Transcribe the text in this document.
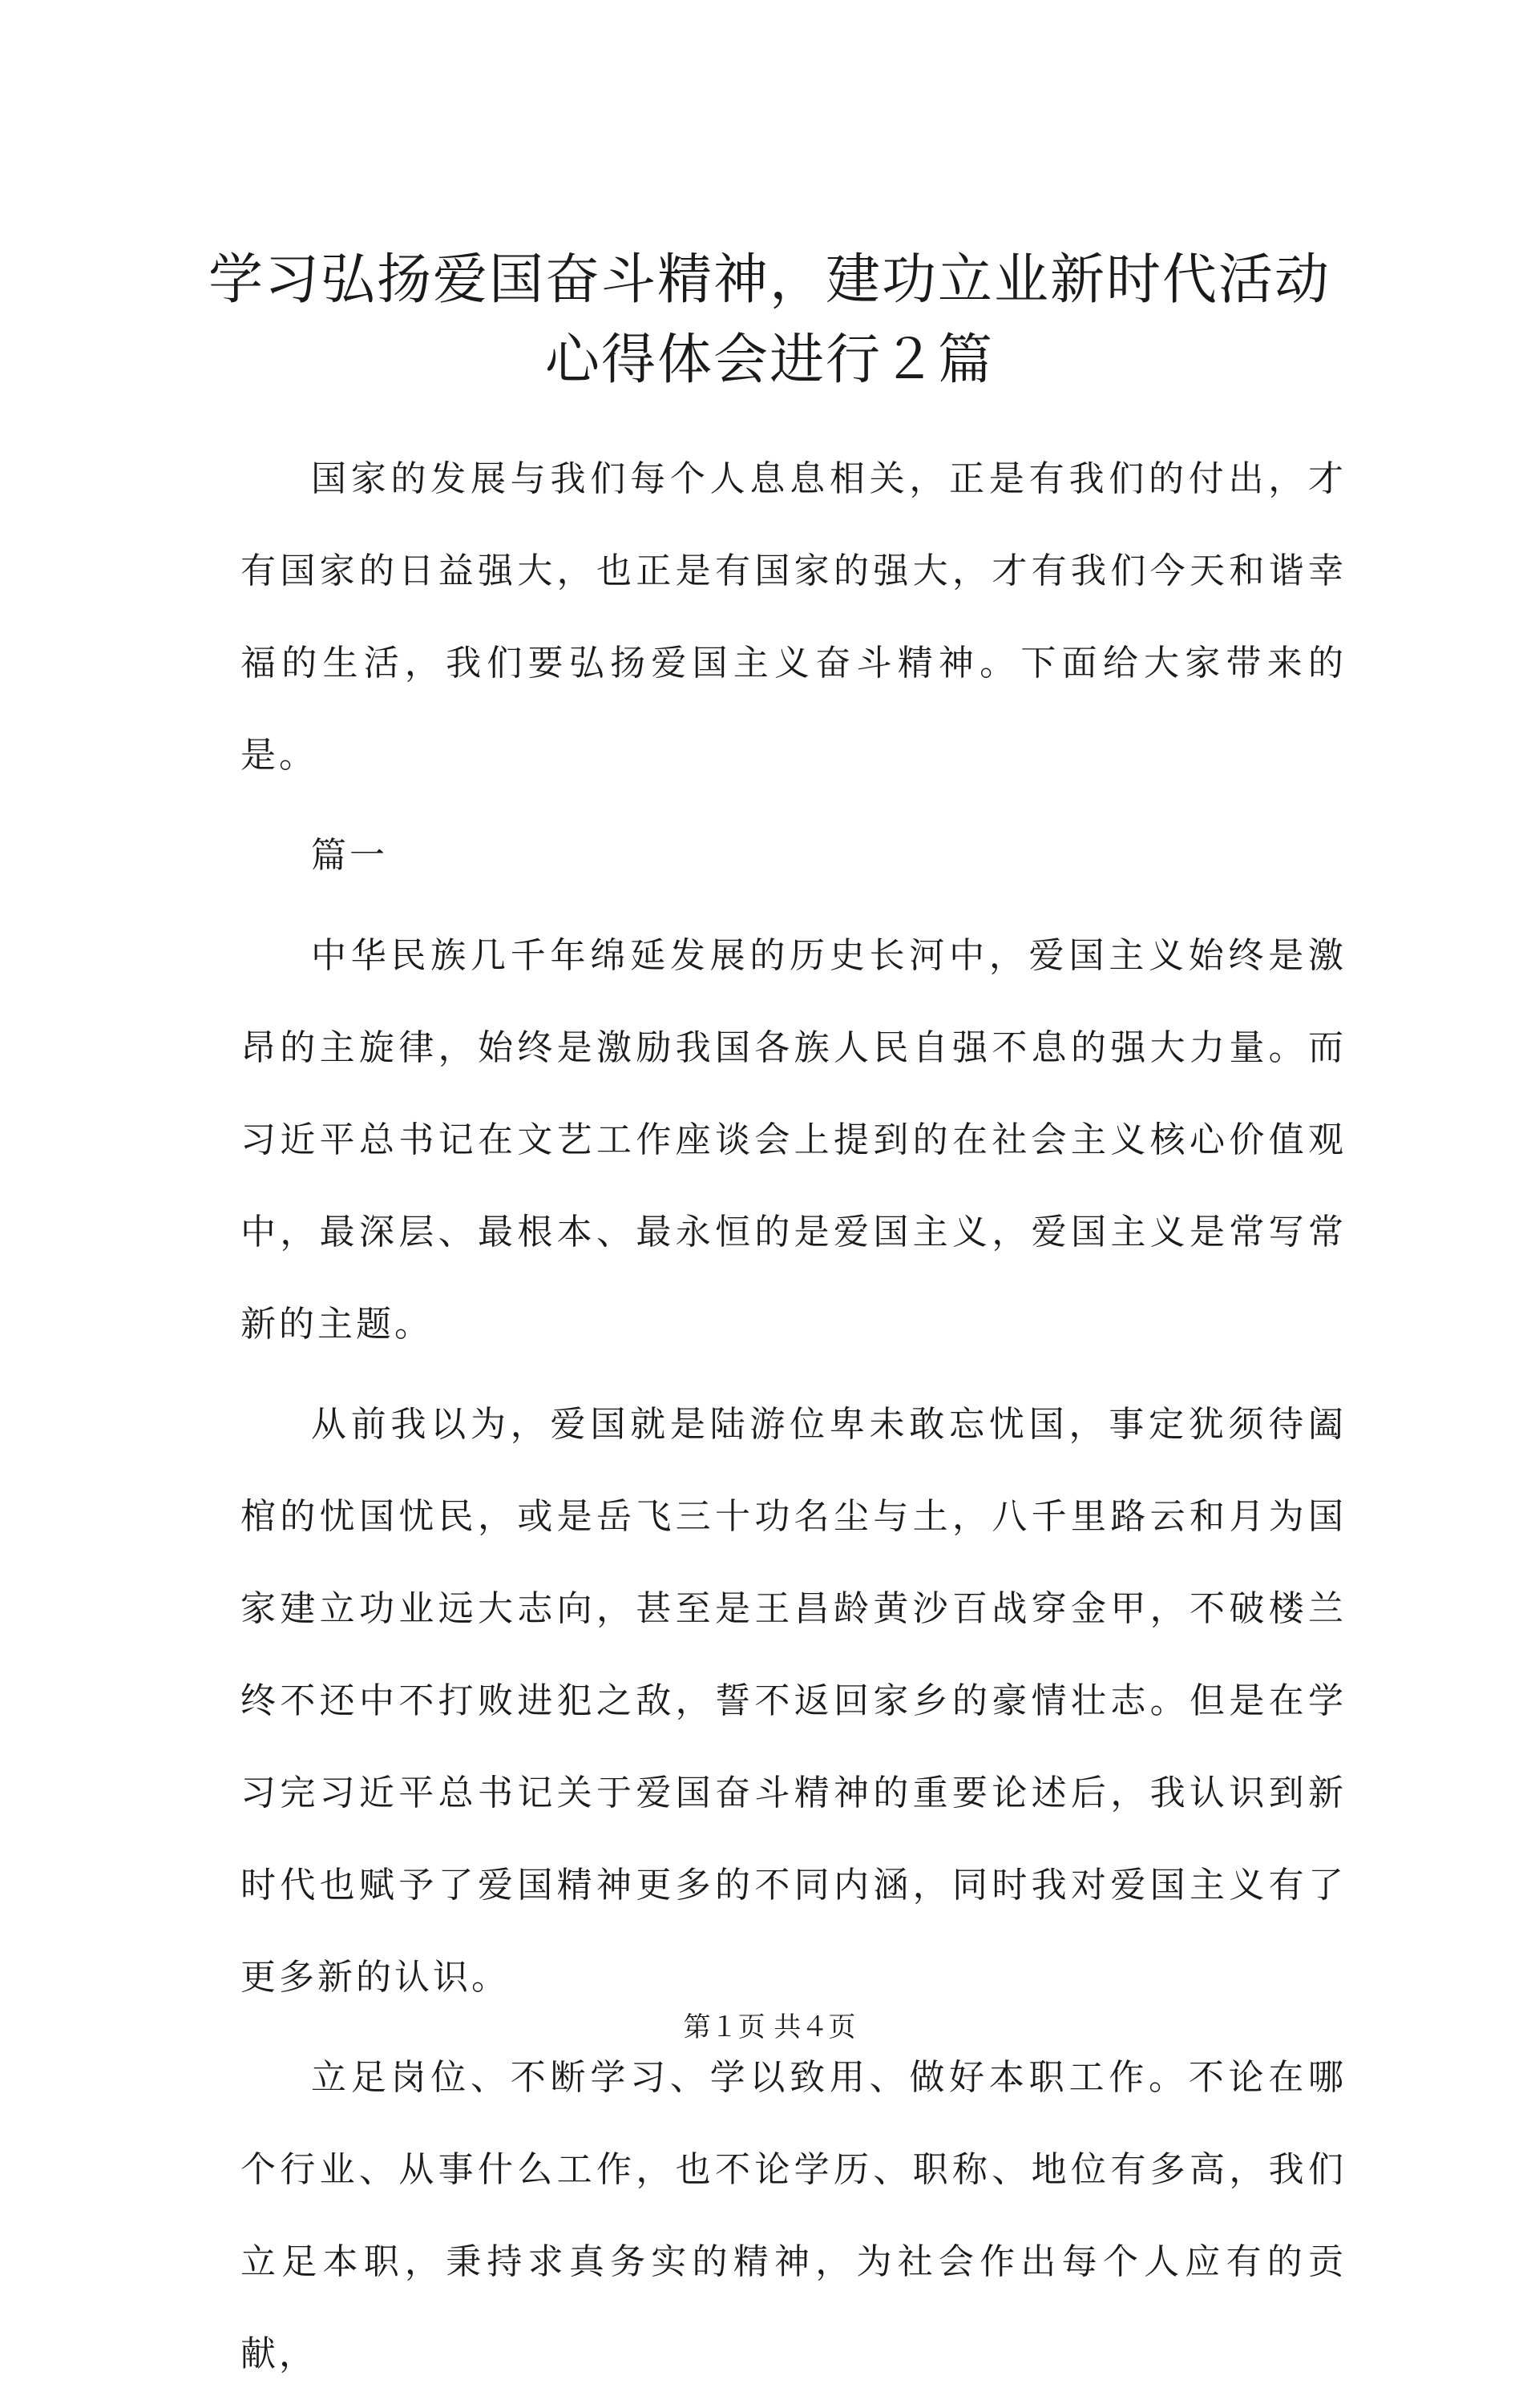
学习弘扬爱国奋斗精神，建功立业新时代活动心得体会进行２篇

国家的发展与我们每个人息息相关，正是有我们的付出，才有国家的日益强大，也正是有国家的强大，才有我们今天和谐幸福的生活，我们要弘扬爱国主义奋斗精神。下面给大家带来的是。

篇一

中华民族几千年绵延发展的历史长河中，爱国主义始终是激昂的主旋律，始终是激励我国各族人民自强不息的强大力量。而习近平总书记在文艺工作座谈会上提到的在社会主义核心价值观中，最深层、最根本、最永恒的是爱国主义，爱国主义是常写常新的主题。

从前我以为，爱国就是陆游位卑未敢忘忧国，事定犹须待阖棺的忧国忧民，或是岳飞三十功名尘与土，八千里路云和月为国家建立功业远大志向，甚至是王昌龄黄沙百战穿金甲，不破楼兰终不还中不打败进犯之敌，誓不返回家乡的豪情壮志。但是在学习完习近平总书记关于爱国奋斗精神的重要论述后，我认识到新时代也赋予了爱国精神更多的不同内涵，同时我对爱国主义有了更多新的认识。

立足岗位、不断学习、学以致用、做好本职工作。不论在哪个行业、从事什么工作，也不论学历、职称、地位有多高，我们立足本职，秉持求真务实的精神，为社会作出每个人应有的贡献，

第１页 共４页
